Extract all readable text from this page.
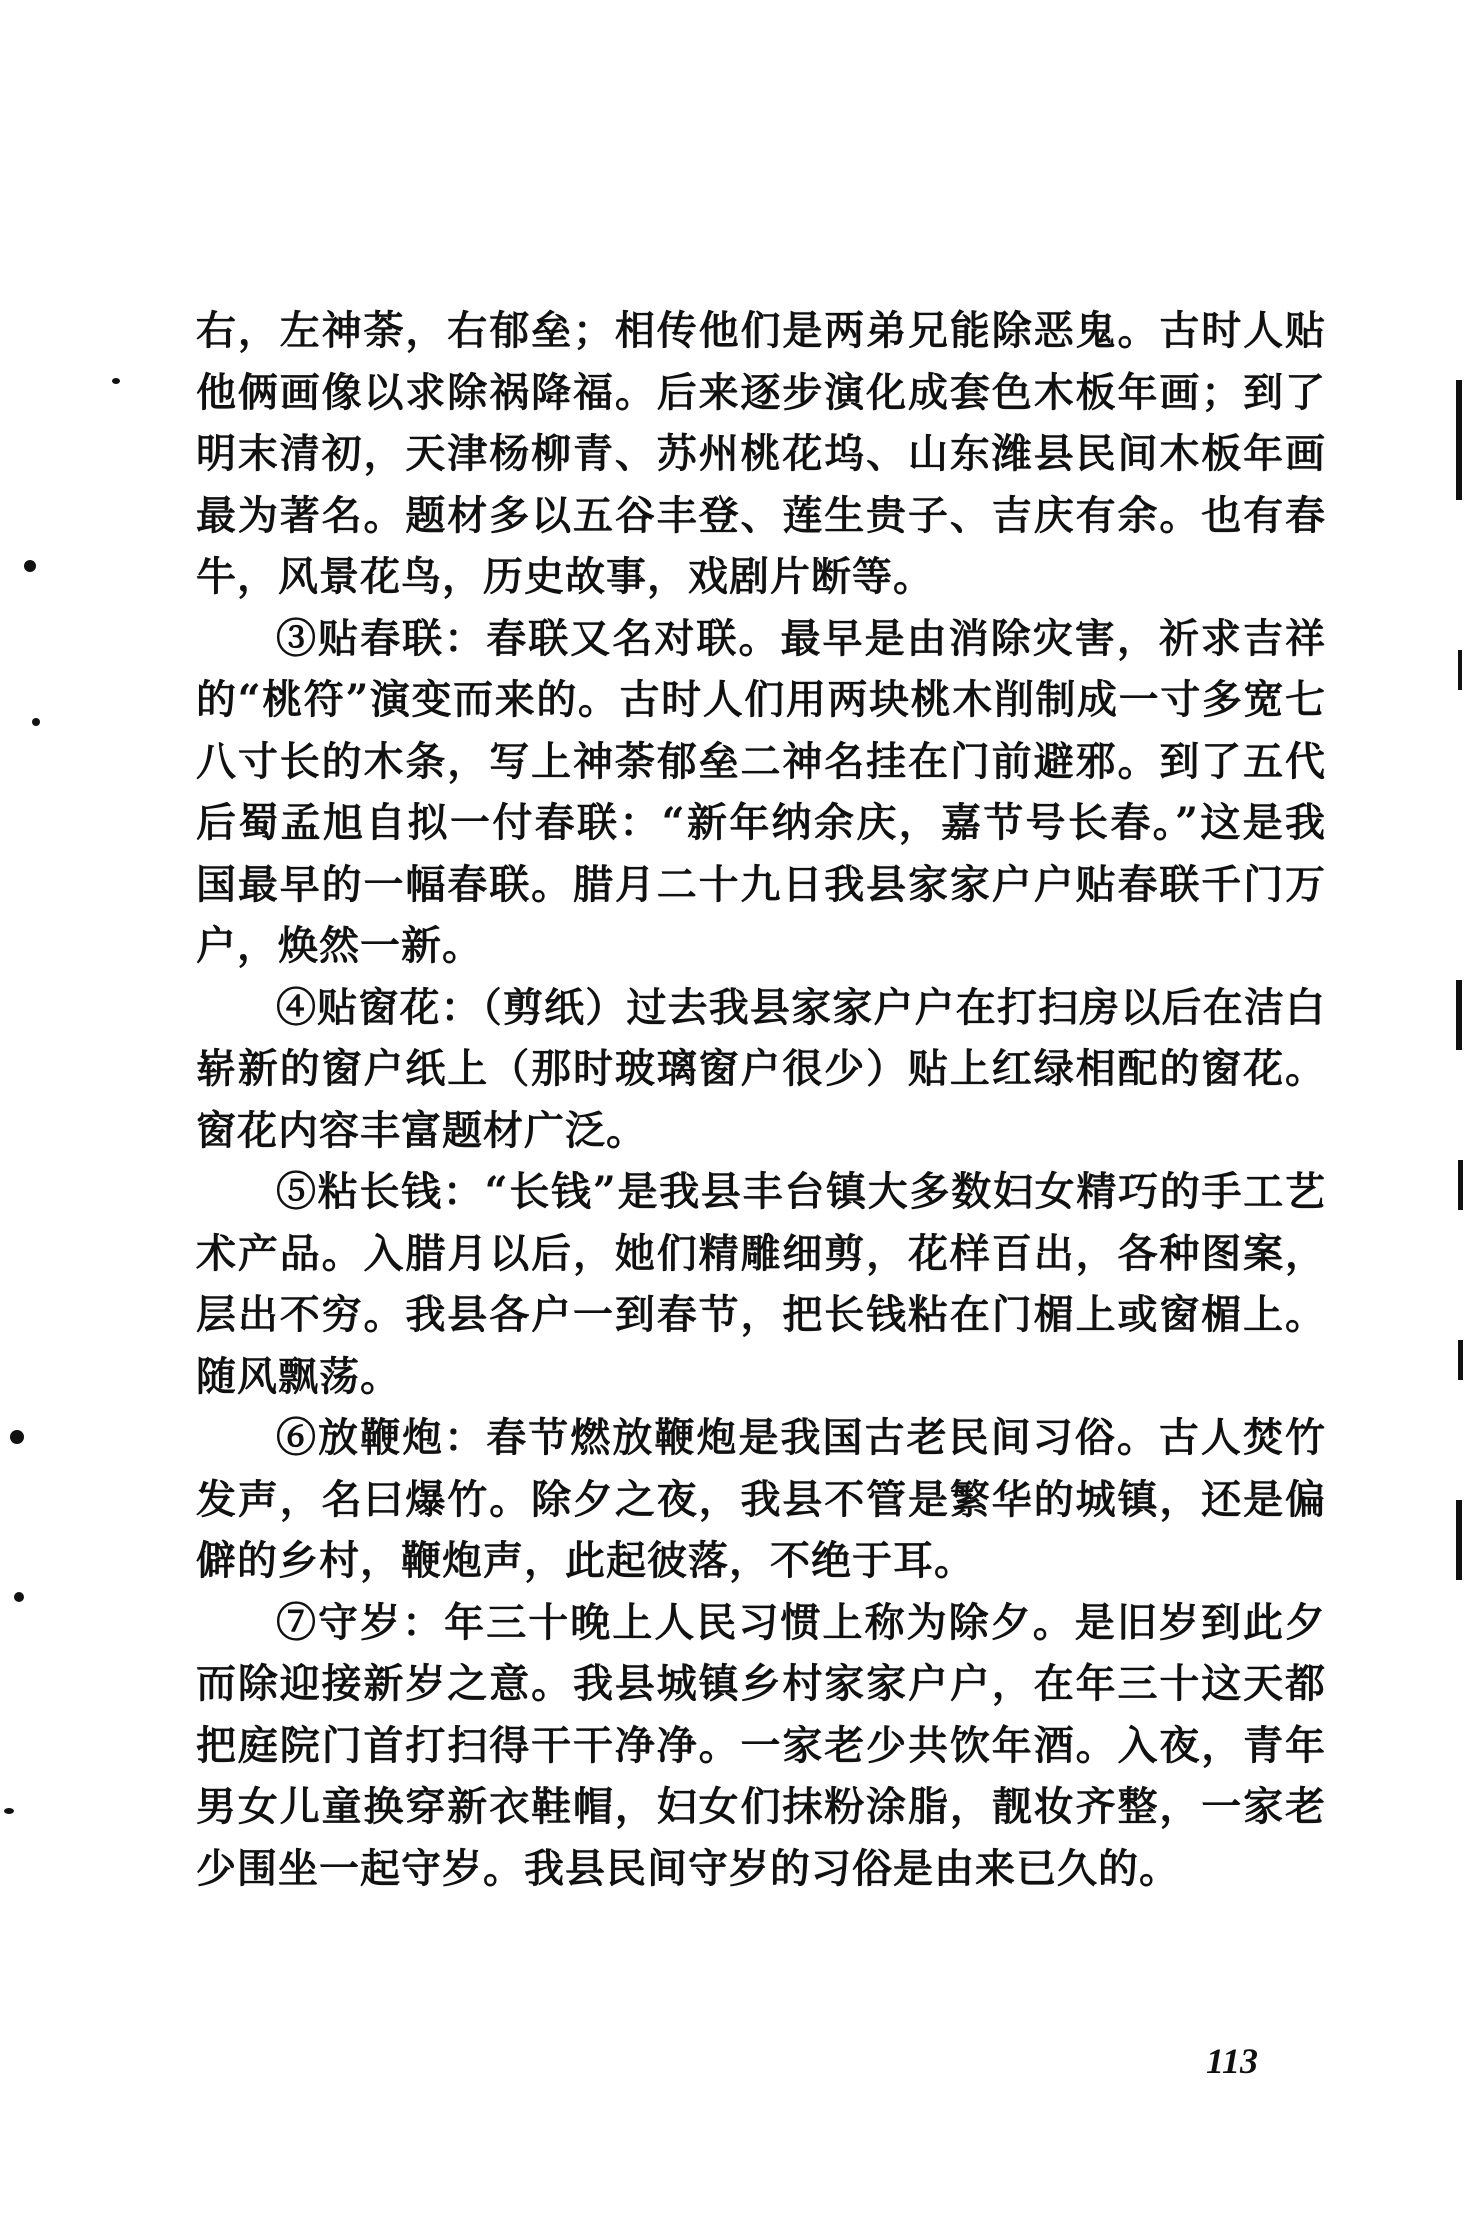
右，左神荼，右郁垒；相传他们是两弟兄能除恶鬼。古时人贴他俩画像以求除祸降福。后来逐步演化成套色木板年画；到了明末清初，天津杨柳青、苏州桃花坞、山东潍县民间木板年画最为著名。题材多以五谷丰登、莲生贵子、吉庆有余。也有春牛，风景花鸟，历史故事，戏剧片断等。

③贴春联：春联又名对联。最早是由消除灾害，祈求吉祥的“桃符”演变而来的。古时人们用两块桃木削制成一寸多宽七八寸长的木条，写上神荼郁垒二神名挂在门前避邪。到了五代后蜀孟旭自拟一付春联：“新年纳余庆，嘉节号长春。”这是我国最早的一幅春联。腊月二十九日我县家家户户贴春联千门万户，焕然一新。

④贴窗花：（剪纸）过去我县家家户户在打扫房以后在洁白崭新的窗户纸上（那时玻璃窗户很少）贴上红绿相配的窗花。窗花内容丰富题材广泛。

⑤粘长钱：“长钱”是我县丰台镇大多数妇女精巧的手工艺术产品。入腊月以后，她们精雕细剪，花样百出，各种图案，层出不穷。我县各户一到春节，把长钱粘在门楣上或窗楣上。随风飘荡。

⑥放鞭炮：春节燃放鞭炮是我国古老民间习俗。古人焚竹发声，名曰爆竹。除夕之夜，我县不管是繁华的城镇，还是偏僻的乡村，鞭炮声，此起彼落，不绝于耳。

⑦守岁：年三十晚上人民习惯上称为除夕。是旧岁到此夕而除迎接新岁之意。我县城镇乡村家家户户，在年三十这天都把庭院门首打扫得干干净净。一家老少共饮年酒。入夜，青年男女儿童换穿新衣鞋帽，妇女们抹粉涂脂，靓妆齐整，一家老少围坐一起守岁。我县民间守岁的习俗是由来已久的。

113
